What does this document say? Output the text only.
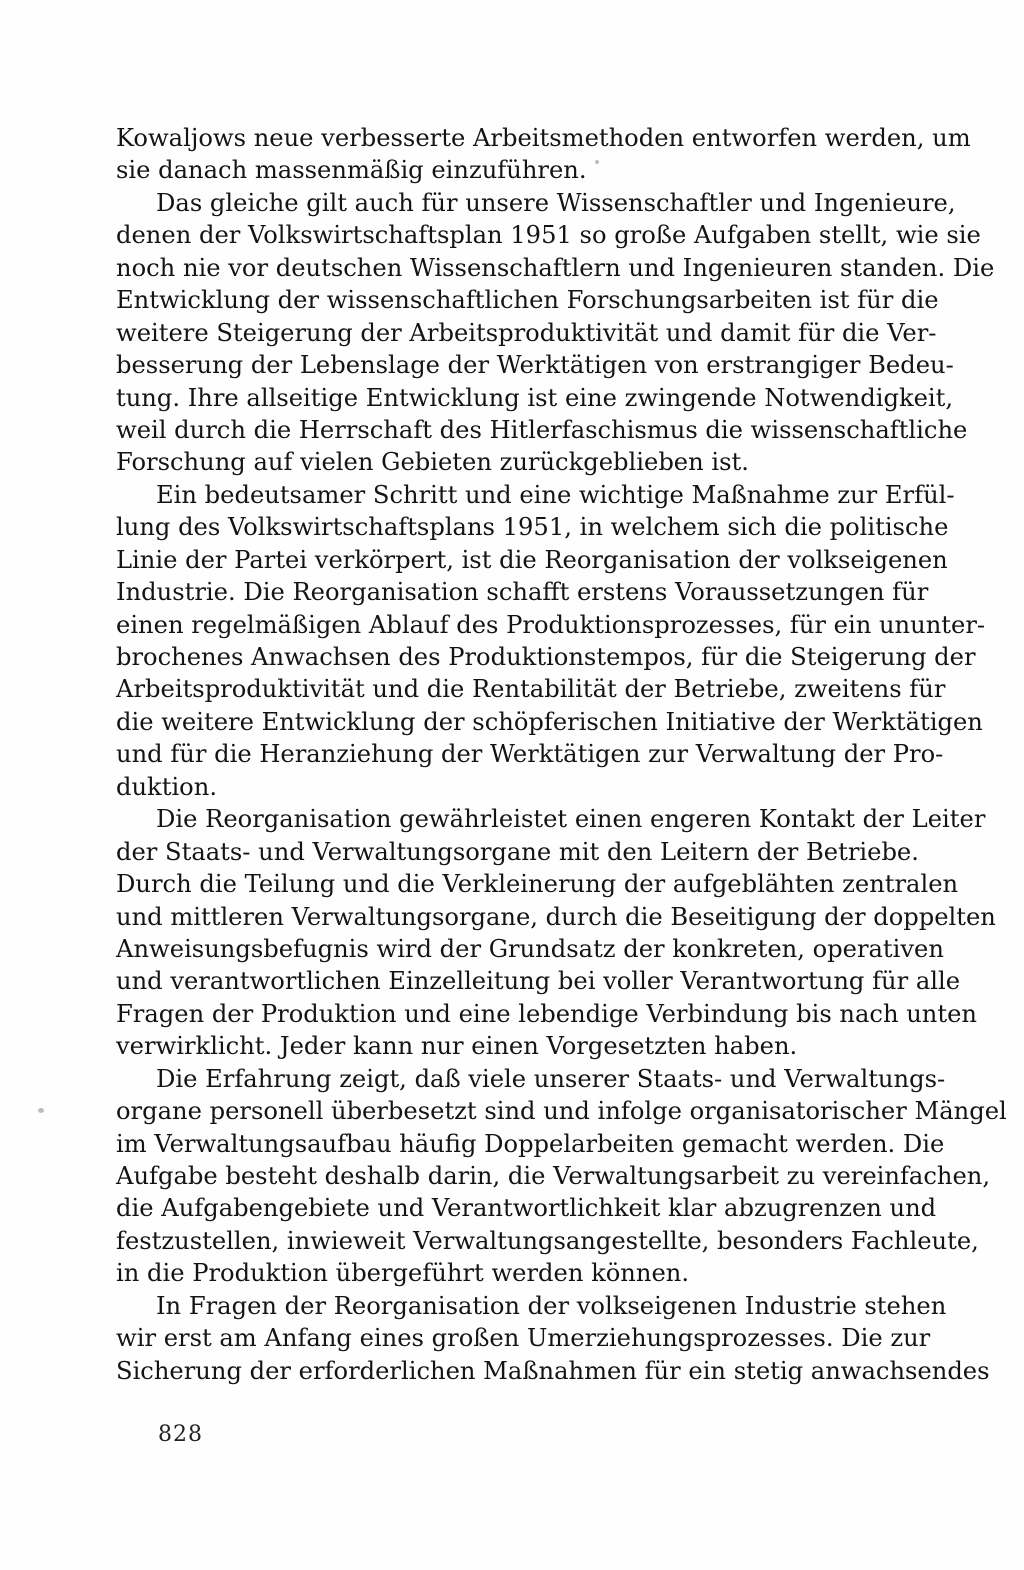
Kowaljows neue verbesserte Arbeitsmethoden entworfen werden, um
sie danach massenmäßig einzuführen.
Das gleiche gilt auch für unsere Wissenschaftler und Ingenieure,
denen der Volkswirtschaftsplan 1951 so große Aufgaben stellt, wie sie
noch nie vor deutschen Wissenschaftlern und Ingenieuren standen. Die
Entwicklung der wissenschaftlichen Forschungsarbeiten ist für die
weitere Steigerung der Arbeitsproduktivität und damit für die Ver-
besserung der Lebenslage der Werktätigen von erstrangiger Bedeu-
tung. Ihre allseitige Entwicklung ist eine zwingende Notwendigkeit,
weil durch die Herrschaft des Hitlerfaschismus die wissenschaftliche
Forschung auf vielen Gebieten zurückgeblieben ist.
Ein bedeutsamer Schritt und eine wichtige Maßnahme zur Erfül-
lung des Volkswirtschaftsplans 1951, in welchem sich die politische
Linie der Partei verkörpert, ist die Reorganisation der volkseigenen
Industrie. Die Reorganisation schafft erstens Voraussetzungen für
einen regelmäßigen Ablauf des Produktionsprozesses, für ein ununter-
brochenes Anwachsen des Produktionstempos, für die Steigerung der
Arbeitsproduktivität und die Rentabilität der Betriebe, zweitens für
die weitere Entwicklung der schöpferischen Initiative der Werktätigen
und für die Heranziehung der Werktätigen zur Verwaltung der Pro-
duktion.
Die Reorganisation gewährleistet einen engeren Kontakt der Leiter
der Staats- und Verwaltungsorgane mit den Leitern der Betriebe.
Durch die Teilung und die Verkleinerung der aufgeblähten zentralen
und mittleren Verwaltungsorgane, durch die Beseitigung der doppelten
Anweisungsbefugnis wird der Grundsatz der konkreten, operativen
und verantwortlichen Einzelleitung bei voller Verantwortung für alle
Fragen der Produktion und eine lebendige Verbindung bis nach unten
verwirklicht. Jeder kann nur einen Vorgesetzten haben.
Die Erfahrung zeigt, daß viele unserer Staats- und Verwaltungs-
organe personell überbesetzt sind und infolge organisatorischer Mängel
im Verwaltungsaufbau häufig Doppelarbeiten gemacht werden. Die
Aufgabe besteht deshalb darin, die Verwaltungsarbeit zu vereinfachen,
die Aufgabengebiete und Verantwortlichkeit klar abzugrenzen und
festzustellen, inwieweit Verwaltungsangestellte, besonders Fachleute,
in die Produktion übergeführt werden können.
In Fragen der Reorganisation der volkseigenen Industrie stehen
wir erst am Anfang eines großen Umerziehungsprozesses. Die zur
Sicherung der erforderlichen Maßnahmen für ein stetig anwachsendes
828
